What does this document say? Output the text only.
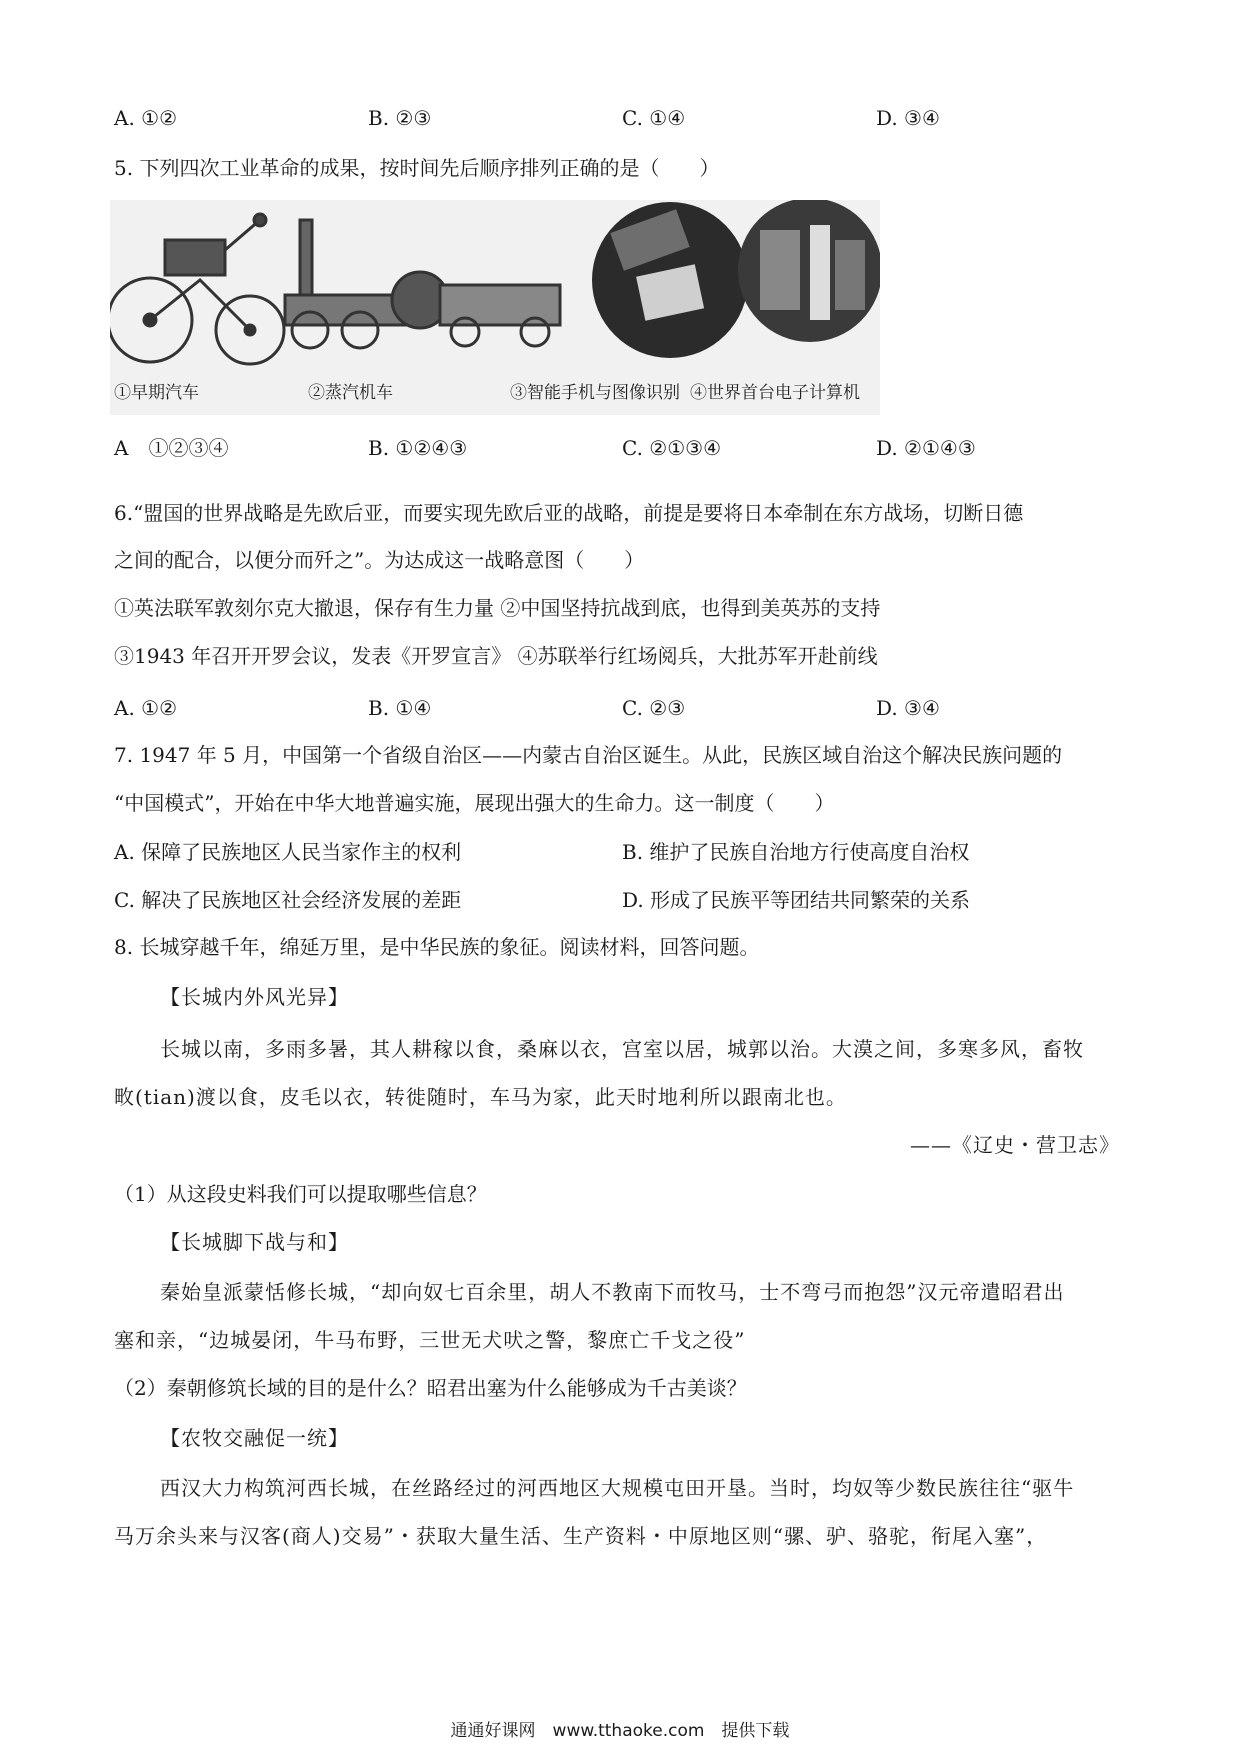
A. ①②	B. ②③	C. ①④	D. ③④
5. 下列四次工业革命的成果，按时间先后顺序排列正确的是（　　）
①早期汽车	②蒸汽机车	③智能手机与图像识别 ④世界首台电子计算机
A　①②③④	B. ①②④③	C. ②①③④	D. ②①④③
6.“盟国的世界战略是先欧后亚，而要实现先欧后亚的战略，前提是要将日本牵制在东方战场，切断日德
之间的配合，以便分而歼之”。为达成这一战略意图（　　）
①英法联军敦刻尔克大撤退，保存有生力量 ②中国坚持抗战到底，也得到美英苏的支持
③1943 年召开开罗会议，发表《开罗宣言》 ④苏联举行红场阅兵，大批苏军开赴前线
A. ①②	B. ①④	C. ②③	D. ③④
7. 1947 年 5 月，中国第一个省级自治区——内蒙古自治区诞生。从此，民族区域自治这个解决民族问题的
“中国模式”，开始在中华大地普遍实施，展现出强大的生命力。这一制度（　　）
A. 保障了民族地区人民当家作主的权利	B. 维护了民族自治地方行使高度自治权
C. 解决了民族地区社会经济发展的差距	D. 形成了民族平等团结共同繁荣的关系
8. 长城穿越千年，绵延万里，是中华民族的象征。阅读材料，回答问题。
【长城内外风光异】
长城以南，多雨多暑，其人耕稼以食，桑麻以衣，宫室以居，城郭以治。大漠之间，多寒多风，畜牧
畋(tian)渡以食，皮毛以衣，转徙随时，车马为家，此天时地利所以跟南北也。
——《辽史・营卫志》
（1）从这段史料我们可以提取哪些信息？
【长城脚下战与和】
秦始皇派蒙恬修长城，“却向奴七百余里，胡人不教南下而牧马，士不弯弓而抱怨”汉元帝遣昭君出
塞和亲，“边城晏闭，牛马布野，三世无犬吠之警，黎庶亡千戈之役”
（2）秦朝修筑长域的目的是什么？昭君出塞为什么能够成为千古美谈？
【农牧交融促一统】
西汉大力构筑河西长城，在丝路经过的河西地区大规模屯田开垦。当时，均奴等少数民族往往“驱牛
马万余头来与汉客(商人)交易”・获取大量生活、生产资料・中原地区则“骡、驴、骆驼，衔尾入塞”，
通通好课网　www.tthaoke.com　提供下载
